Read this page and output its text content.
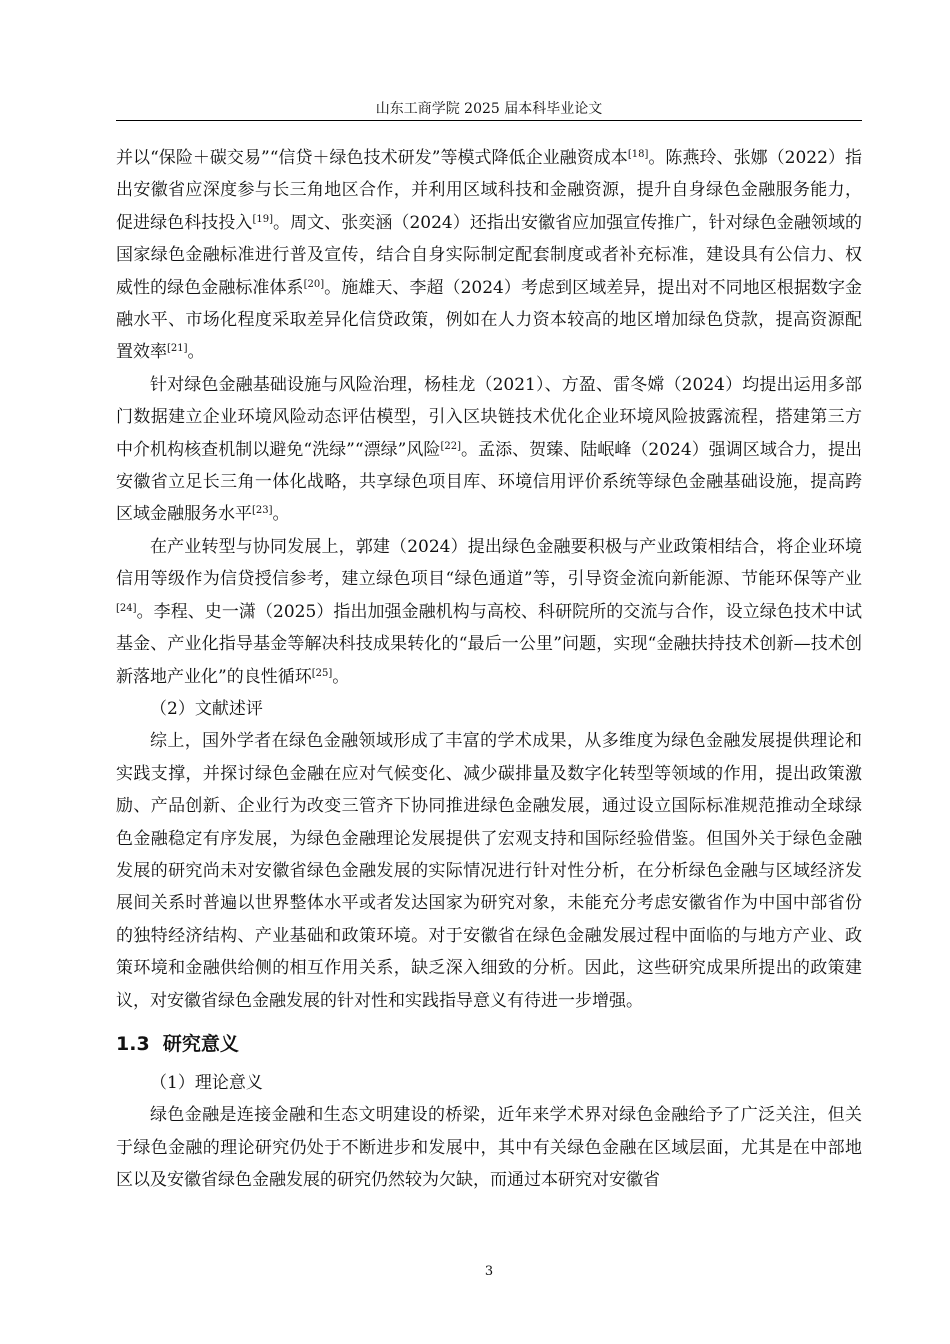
山东工商学院 2025 届本科毕业论文

并以“保险＋碳交易”“信贷＋绿色技术研发”等模式降低企业融资成本[18]。陈燕玲、张娜（2022）指出安徽省应深度参与长三角地区合作，并利用区域科技和金融资源，提升自身绿色金融服务能力，促进绿色科技投入[19]。周文、张奕涵（2024）还指出安徽省应加强宣传推广，针对绿色金融领域的国家绿色金融标准进行普及宣传，结合自身实际制定配套制度或者补充标准，建设具有公信力、权威性的绿色金融标准体系[20]。施雄天、李超（2024）考虑到区域差异，提出对不同地区根据数字金融水平、市场化程度采取差异化信贷政策，例如在人力资本较高的地区增加绿色贷款，提高资源配置效率[21]。

针对绿色金融基础设施与风险治理，杨桂龙（2021）、方盈、雷冬嫦（2024）均提出运用多部门数据建立企业环境风险动态评估模型，引入区块链技术优化企业环境风险披露流程，搭建第三方中介机构核查机制以避免“洗绿”“漂绿”风险[22]。孟添、贺臻、陆岷峰（2024）强调区域合力，提出安徽省立足长三角一体化战略，共享绿色项目库、环境信用评价系统等绿色金融基础设施，提高跨区域金融服务水平[23]。

在产业转型与协同发展上，郭建（2024）提出绿色金融要积极与产业政策相结合，将企业环境信用等级作为信贷授信参考，建立绿色项目“绿色通道”等，引导资金流向新能源、节能环保等产业[24]。李程、史一潇（2025）指出加强金融机构与高校、科研院所的交流与合作，设立绿色技术中试基金、产业化指导基金等解决科技成果转化的“最后一公里”问题，实现“金融扶持技术创新—技术创新落地产业化”的良性循环[25]。

（2）文献述评

综上，国外学者在绿色金融领域形成了丰富的学术成果，从多维度为绿色金融发展提供理论和实践支撑，并探讨绿色金融在应对气候变化、减少碳排量及数字化转型等领域的作用，提出政策激励、产品创新、企业行为改变三管齐下协同推进绿色金融发展，通过设立国际标准规范推动全球绿色金融稳定有序发展，为绿色金融理论发展提供了宏观支持和国际经验借鉴。但国外关于绿色金融发展的研究尚未对安徽省绿色金融发展的实际情况进行针对性分析，在分析绿色金融与区域经济发展间关系时普遍以世界整体水平或者发达国家为研究对象，未能充分考虑安徽省作为中国中部省份的独特经济结构、产业基础和政策环境。对于安徽省在绿色金融发展过程中面临的与地方产业、政策环境和金融供给侧的相互作用关系，缺乏深入细致的分析。因此，这些研究成果所提出的政策建议，对安徽省绿色金融发展的针对性和实践指导意义有待进一步增强。

1.3 研究意义

（1）理论意义

绿色金融是连接金融和生态文明建设的桥梁，近年来学术界对绿色金融给予了广泛关注，但关于绿色金融的理论研究仍处于不断进步和发展中，其中有关绿色金融在区域层面，尤其是在中部地区以及安徽省绿色金融发展的研究仍然较为欠缺，而通过本研究对安徽省

3
